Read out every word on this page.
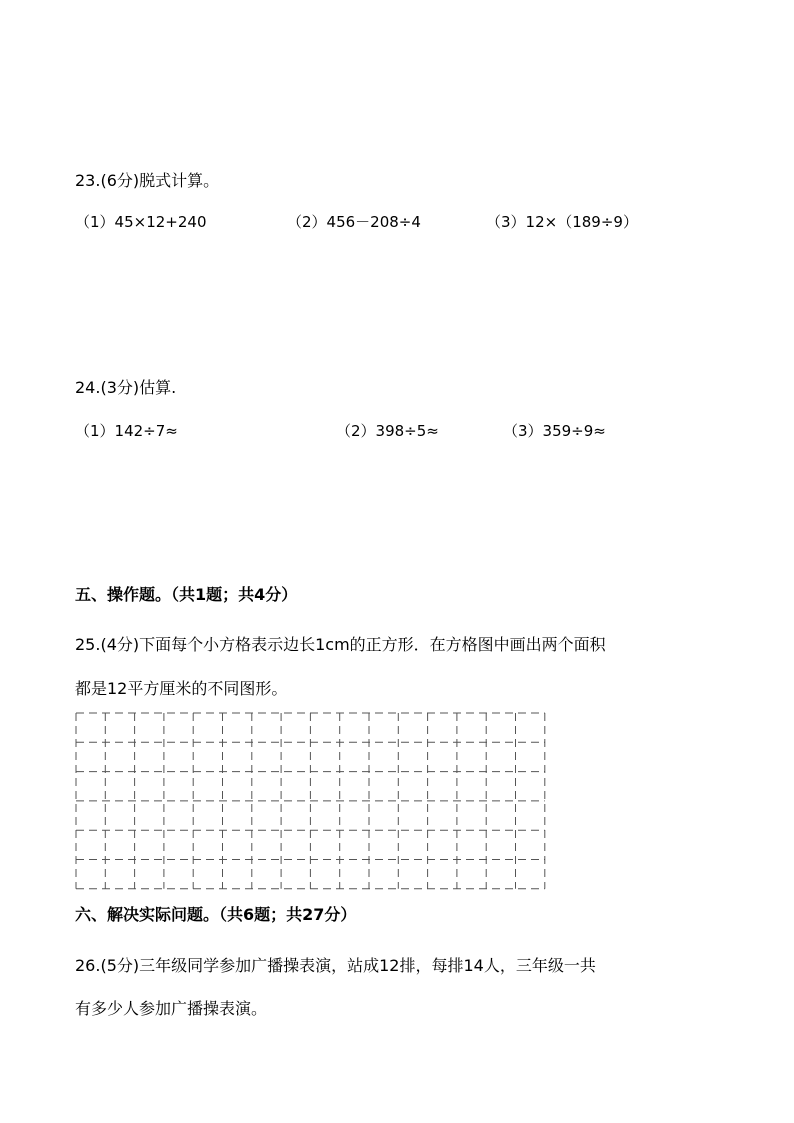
23.(6分)脱式计算。
（1）45×12+240	（2）456－208÷4	（3）12×（189÷9）
24.(3分)估算.
（1）142÷7≈	（2）398÷5≈	（3）359÷9≈
五、操作题。（共1题；共4分）
25.(4分)下面每个小方格表示边长1cm的正方形．在方格图中画出两个面积
都是12平方厘米的不同图形。
六、解决实际问题。（共6题；共27分）
26.(5分)三年级同学参加广播操表演，站成12排，每排14人，三年级一共
有多少人参加广播操表演。
